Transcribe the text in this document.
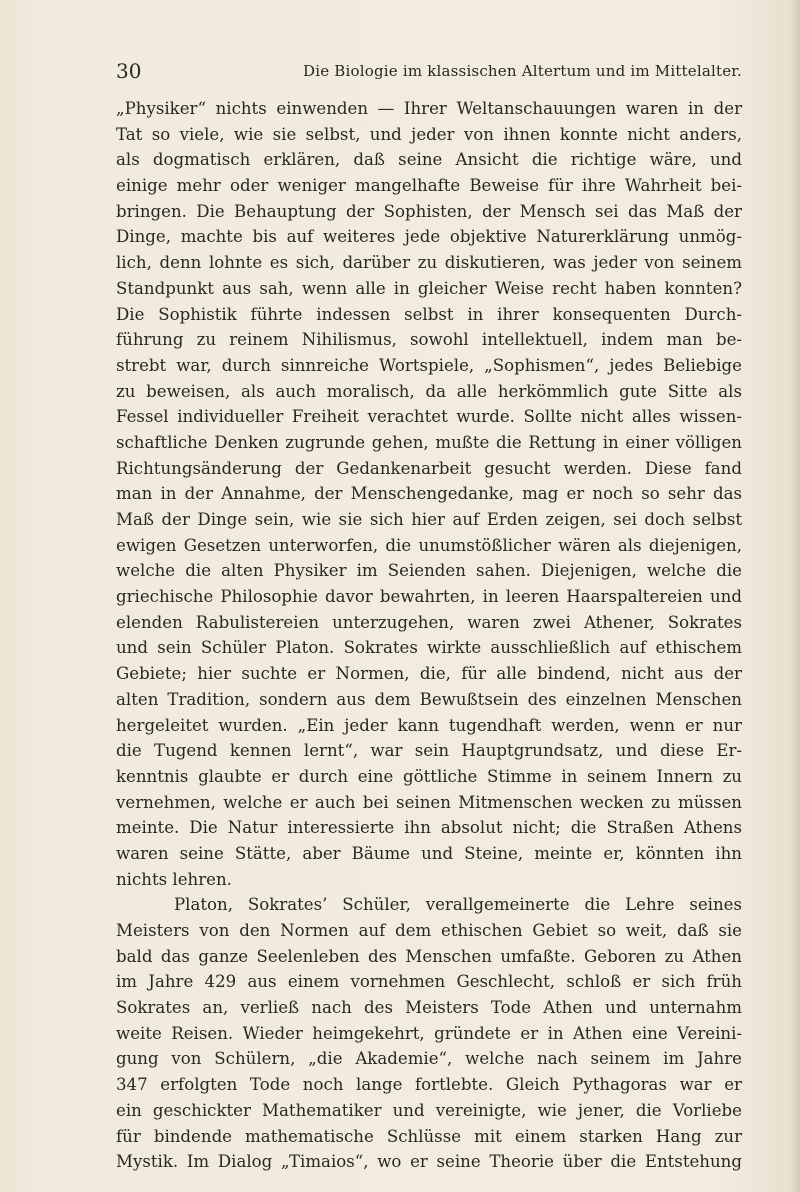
30	Die Biologie im klassischen Altertum und im Mittelalter.
„Physiker“ nichts einwenden — Ihrer Weltanschauungen waren in der
Tat so viele, wie sie selbst, und jeder von ihnen konnte nicht anders,
als dogmatisch erklären, daß seine Ansicht die richtige wäre, und
einige mehr oder weniger mangelhafte Beweise für ihre Wahrheit bei-
bringen. Die Behauptung der Sophisten, der Mensch sei das Maß der
Dinge, machte bis auf weiteres jede objektive Naturerklärung unmög-
lich, denn lohnte es sich, darüber zu diskutieren, was jeder von seinem
Standpunkt aus sah, wenn alle in gleicher Weise recht haben konnten?
Die Sophistik führte indessen selbst in ihrer konsequenten Durch-
führung zu reinem Nihilismus, sowohl intellektuell, indem man be-
strebt war, durch sinnreiche Wortspiele, „Sophismen“, jedes Beliebige
zu beweisen, als auch moralisch, da alle herkömmlich gute Sitte als
Fessel individueller Freiheit verachtet wurde. Sollte nicht alles wissen-
schaftliche Denken zugrunde gehen, mußte die Rettung in einer völligen
Richtungsänderung der Gedankenarbeit gesucht werden. Diese fand
man in der Annahme, der Menschengedanke, mag er noch so sehr das
Maß der Dinge sein, wie sie sich hier auf Erden zeigen, sei doch selbst
ewigen Gesetzen unterworfen, die unumstößlicher wären als diejenigen,
welche die alten Physiker im Seienden sahen. Diejenigen, welche die
griechische Philosophie davor bewahrten, in leeren Haarspaltereien und
elenden Rabulistereien unterzugehen, waren zwei Athener, Sokrates
und sein Schüler Platon. Sokrates wirkte ausschließlich auf ethischem
Gebiete; hier suchte er Normen, die, für alle bindend, nicht aus der
alten Tradition, sondern aus dem Bewußtsein des einzelnen Menschen
hergeleitet wurden. „Ein jeder kann tugendhaft werden, wenn er nur
die Tugend kennen lernt“, war sein Hauptgrundsatz, und diese Er-
kenntnis glaubte er durch eine göttliche Stimme in seinem Innern zu
vernehmen, welche er auch bei seinen Mitmenschen wecken zu müssen
meinte. Die Natur interessierte ihn absolut nicht; die Straßen Athens
waren seine Stätte, aber Bäume und Steine, meinte er, könnten ihn
nichts lehren.
Platon, Sokrates’ Schüler, verallgemeinerte die Lehre seines
Meisters von den Normen auf dem ethischen Gebiet so weit, daß sie
bald das ganze Seelenleben des Menschen umfaßte. Geboren zu Athen
im Jahre 429 aus einem vornehmen Geschlecht, schloß er sich früh
Sokrates an, verließ nach des Meisters Tode Athen und unternahm
weite Reisen. Wieder heimgekehrt, gründete er in Athen eine Vereini-
gung von Schülern, „die Akademie“, welche nach seinem im Jahre
347 erfolgten Tode noch lange fortlebte. Gleich Pythagoras war er
ein geschickter Mathematiker und vereinigte, wie jener, die Vorliebe
für bindende mathematische Schlüsse mit einem starken Hang zur
Mystik. Im Dialog „Timaios“, wo er seine Theorie über die Entstehung
